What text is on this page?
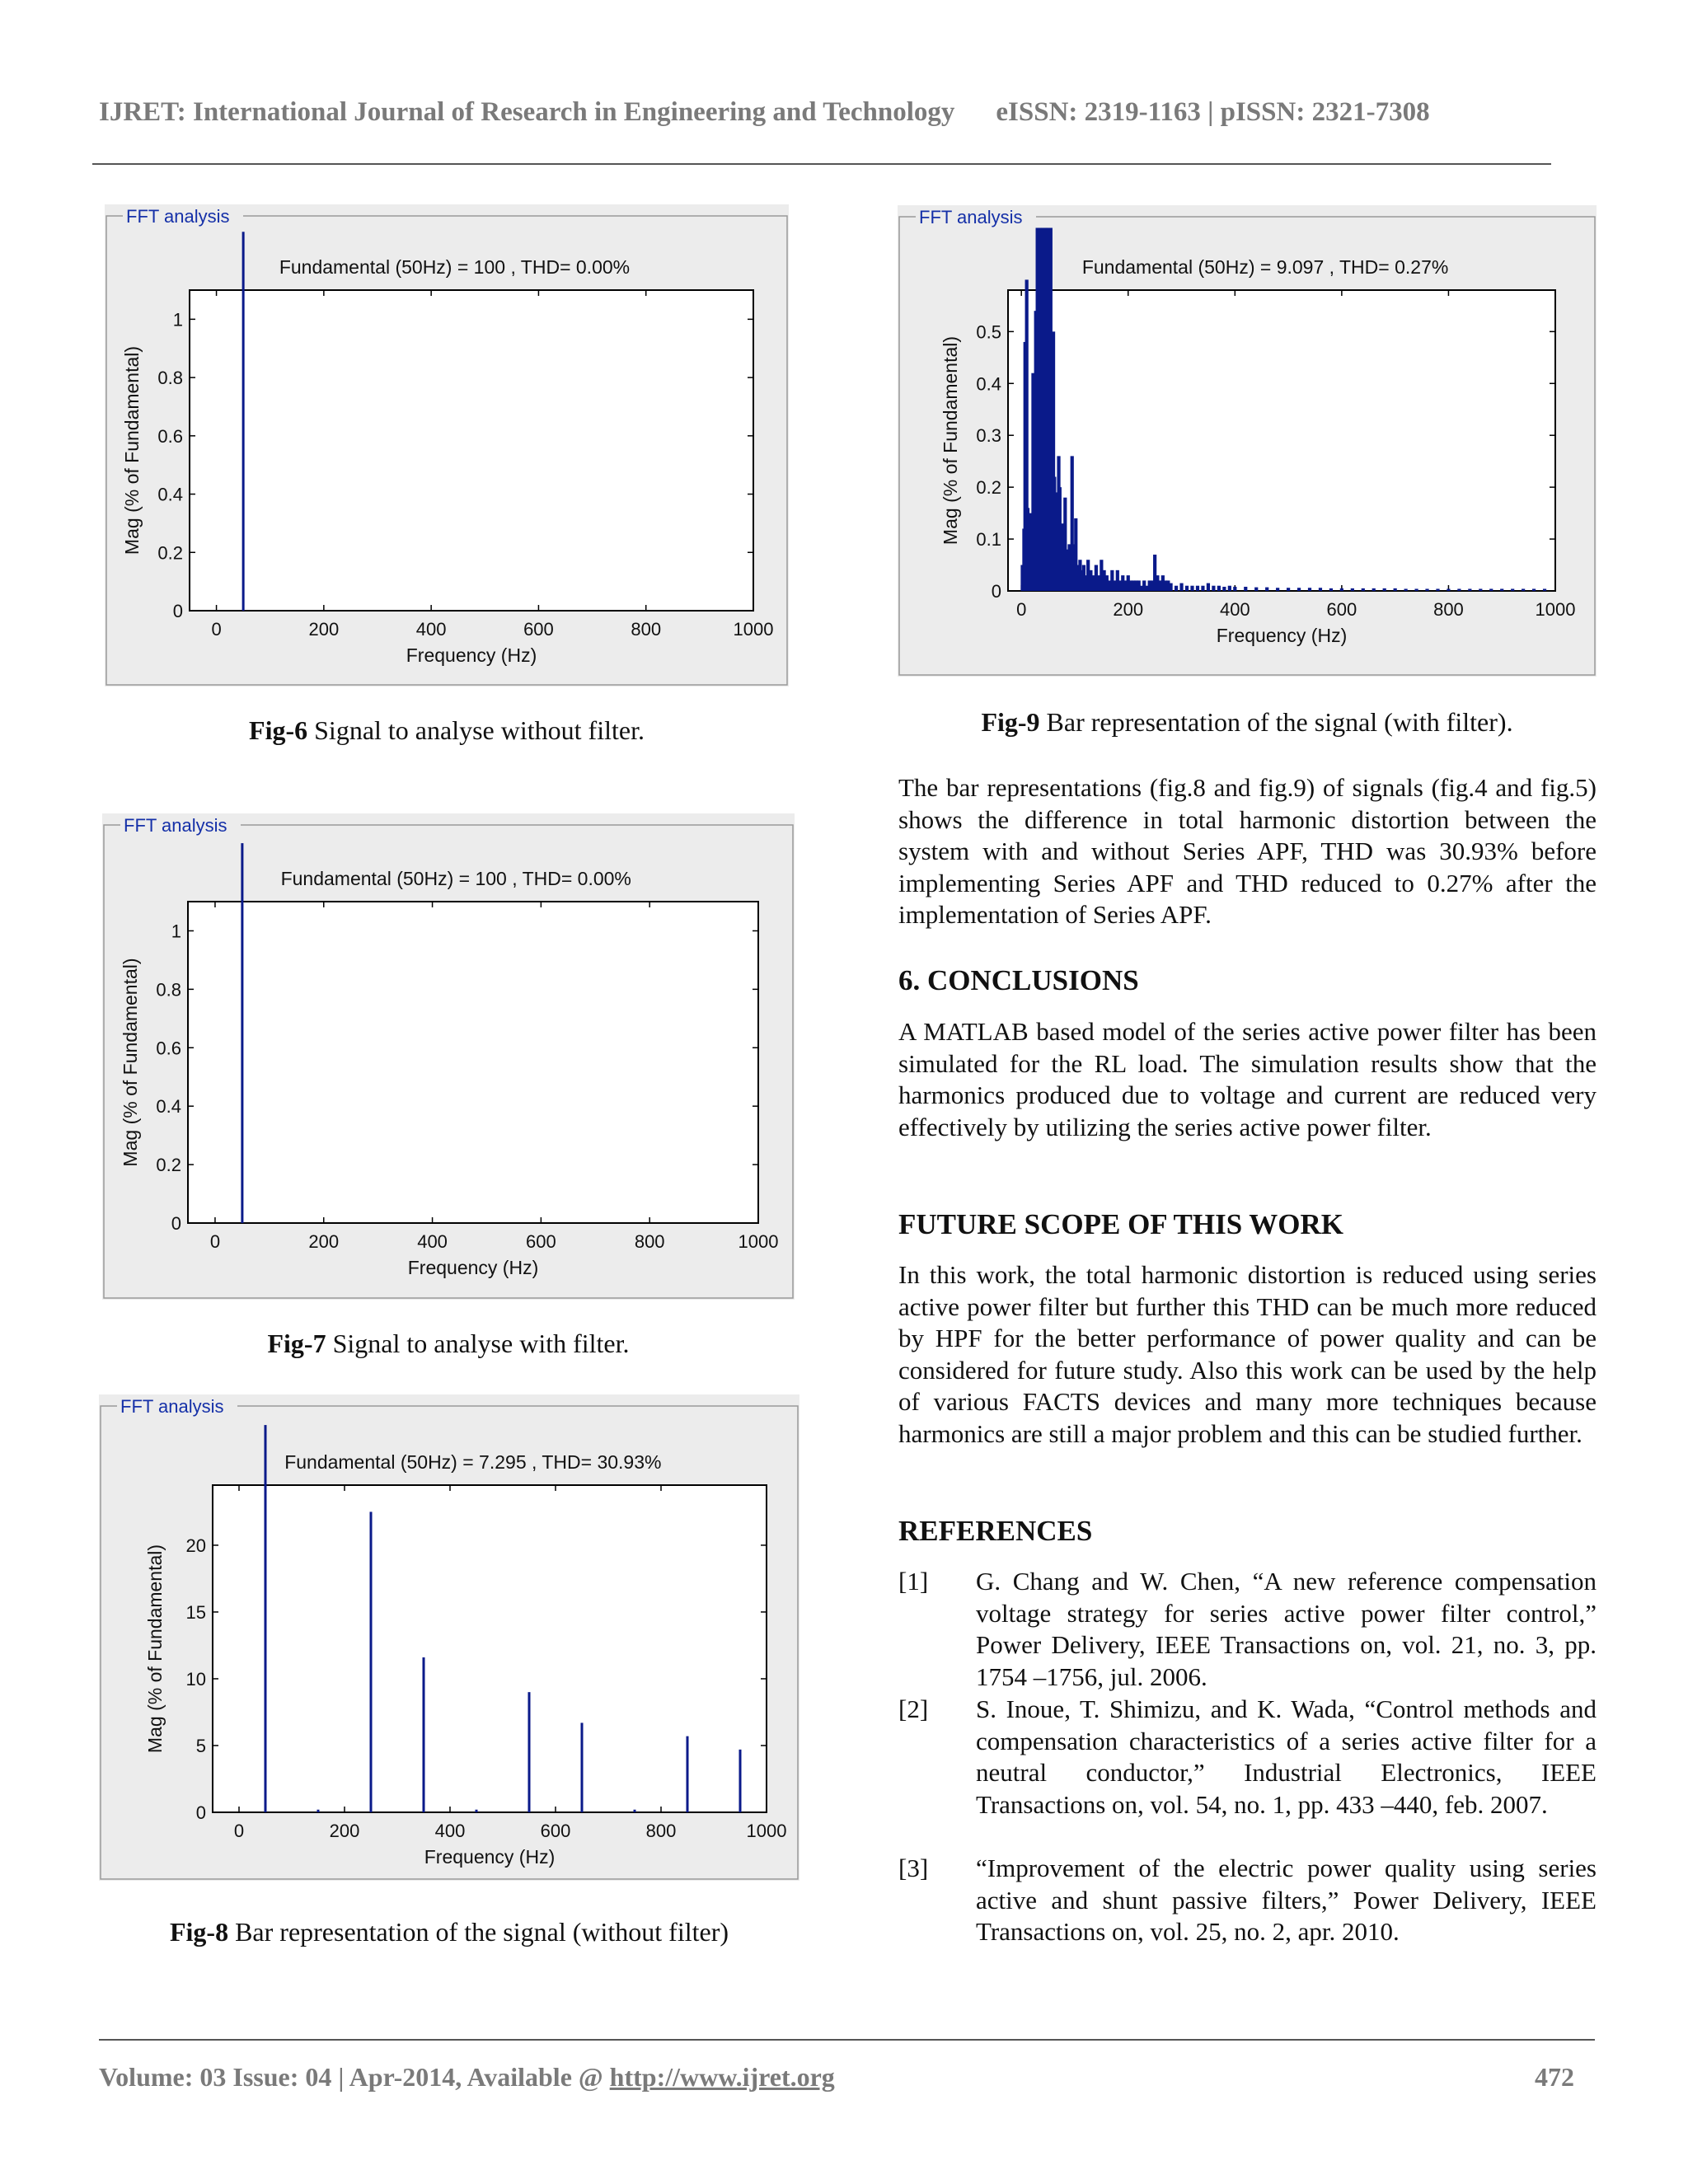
IJRET: International Journal of Research in Engineering and Technology eISSN: 2319-1163 | pISSN: 2321-7308
FFT analysis
0	200	400	600	800	1000
0
0.2
0.4
0.6
0.8
1
Fundamental (50Hz) = 100 , THD= 0.00%
Frequency (Hz)
Mag (% of Fundamental)
Fig-6 Signal to analyse without filter.
FFT analysis
0	200	400	600	800	1000
0
0.2
0.4
0.6
0.8
1
Fundamental (50Hz) = 100 , THD= 0.00%
Frequency (Hz)
Mag (% of Fundamental)
Fig-7 Signal to analyse with filter.
FFT analysis
0	200	400	600	800	1000
0
5
10
15
20
Fundamental (50Hz) = 7.295 , THD= 30.93%
Frequency (Hz)
Mag (% of Fundamental)
Fig-8 Bar representation of the signal (without filter)
FFT analysis
0	200	400	600	800	1000
0
0.1
0.2
0.3
0.4
0.5
Fundamental (50Hz) = 9.097 , THD= 0.27%
Frequency (Hz)
Mag (% of Fundamental)
Fig-9 Bar representation of the signal (with filter).
The bar representations (fig.8 and fig.9) of signals (fig.4 and fig.5) shows the difference in total harmonic distortion between the system with and without Series APF, THD was 30.93% before implementing Series APF and THD reduced to 0.27% after the implementation of Series APF.
6. CONCLUSIONS
A MATLAB based model of the series active power filter has been simulated for the RL load. The simulation results show that the harmonics produced due to voltage and current are reduced very effectively by utilizing the series active power filter.
FUTURE SCOPE OF THIS WORK
In this work, the total harmonic distortion is reduced using series active power filter but further this THD can be much more reduced by HPF for the better performance of power quality and can be considered for future study. Also this work can be used by the help of various FACTS devices and many more techniques because harmonics are still a major problem and this can be studied further.
REFERENCES
[1] G. Chang and W. Chen, “A new reference compensation voltage strategy for series active power filter control,” Power Delivery, IEEE Transactions on, vol. 21, no. 3, pp. 1754 –1756, jul. 2006.
[2] S. Inoue, T. Shimizu, and K. Wada, “Control methods and compensation characteristics of a series active filter for a neutral conductor,” Industrial Electronics, IEEE Transactions on, vol. 54, no. 1, pp. 433 –440, feb. 2007.
[3] “Improvement of the electric power quality using series active and shunt passive filters,” Power Delivery, IEEE Transactions on, vol. 25, no. 2, apr. 2010.
Volume: 03 Issue: 04 | Apr-2014, Available @ http://www.ijret.org	472
